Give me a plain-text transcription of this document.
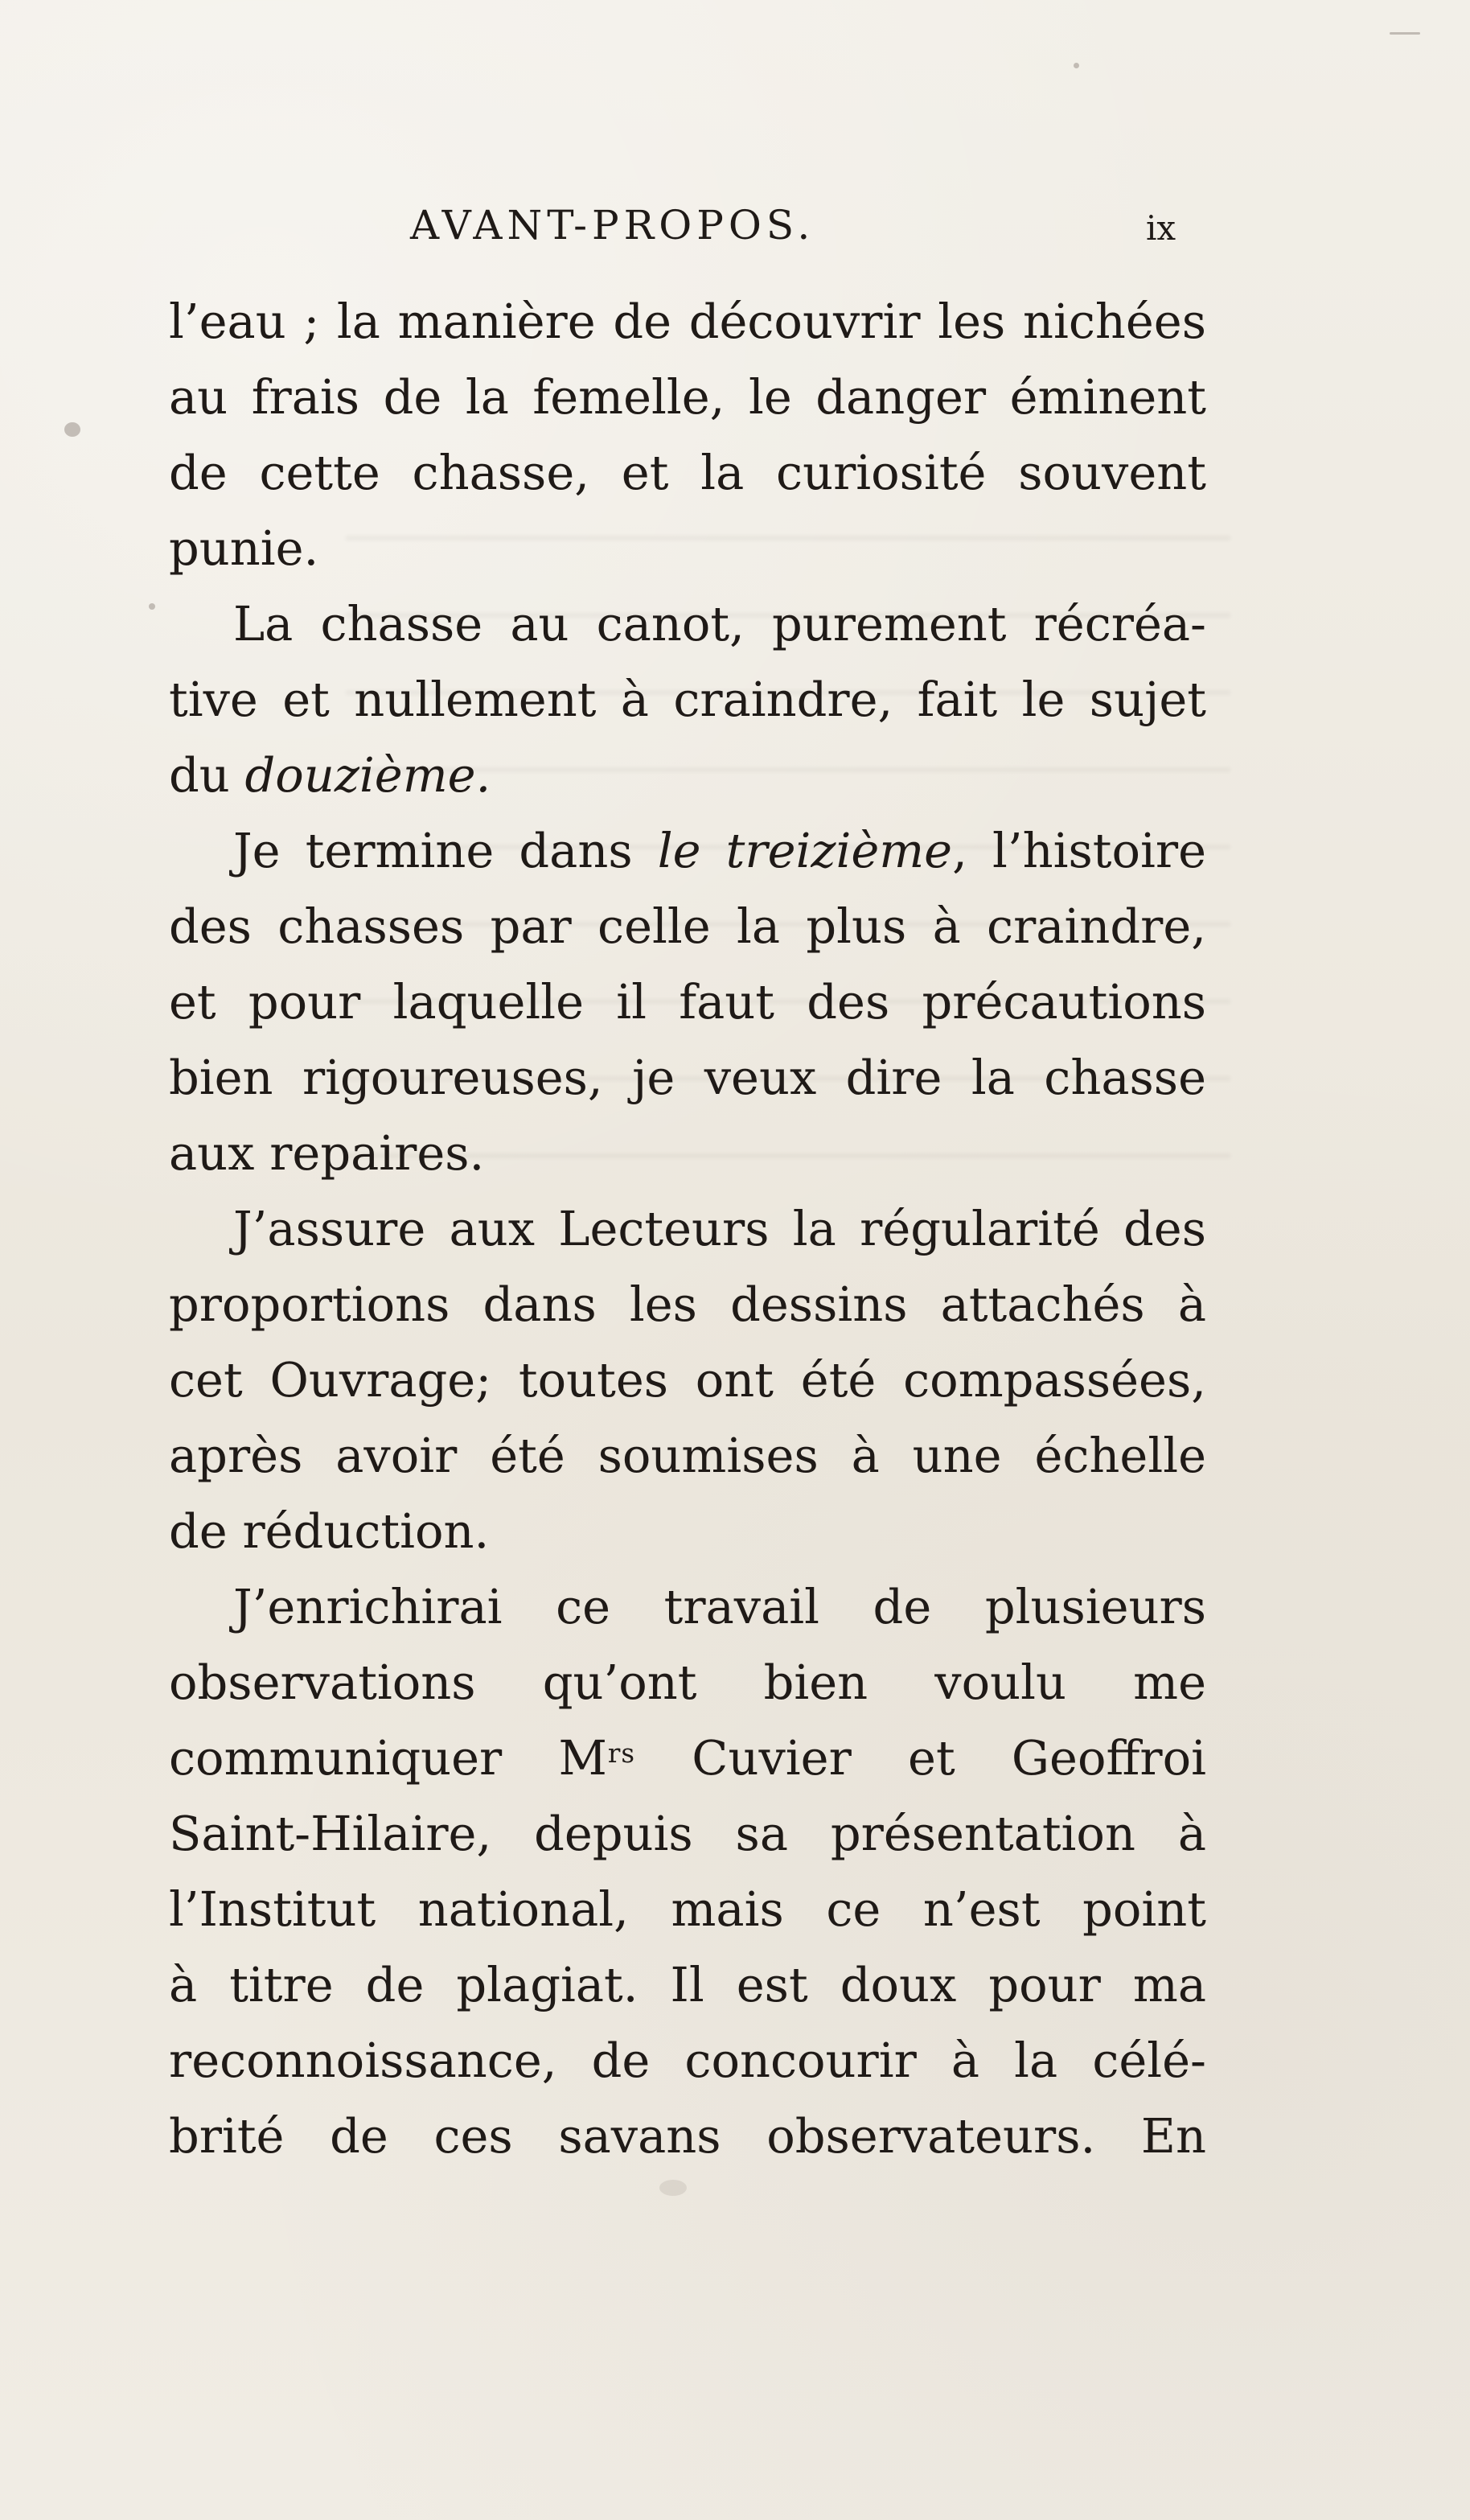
AVANT-PROPOS.	ix
l’eau ; la manière de découvrir les nichées
au frais de la femelle, le danger éminent
de cette chasse, et la curiosité souvent
punie.
La chasse au canot, purement récréa-
tive et nullement à craindre, fait le sujet
du douzième.
Je termine dans le treizième, l’histoire
des chasses par celle la plus à craindre,
et pour laquelle il faut des précautions
bien rigoureuses, je veux dire la chasse
aux repaires.
J’assure aux Lecteurs la régularité des
proportions dans les dessins attachés à
cet Ouvrage; toutes ont été compassées,
après avoir été soumises à une échelle
de réduction.
J’enrichirai ce travail de plusieurs
observations qu’ont bien voulu me
communiquer $M^{rs}$ Cuvier et Geoffroi
Saint-Hilaire, depuis sa présentation à
l’Institut national, mais ce n’est point
à titre de plagiat. Il est doux pour ma
reconnoissance, de concourir à la célé-
brité de ces savans observateurs. En
